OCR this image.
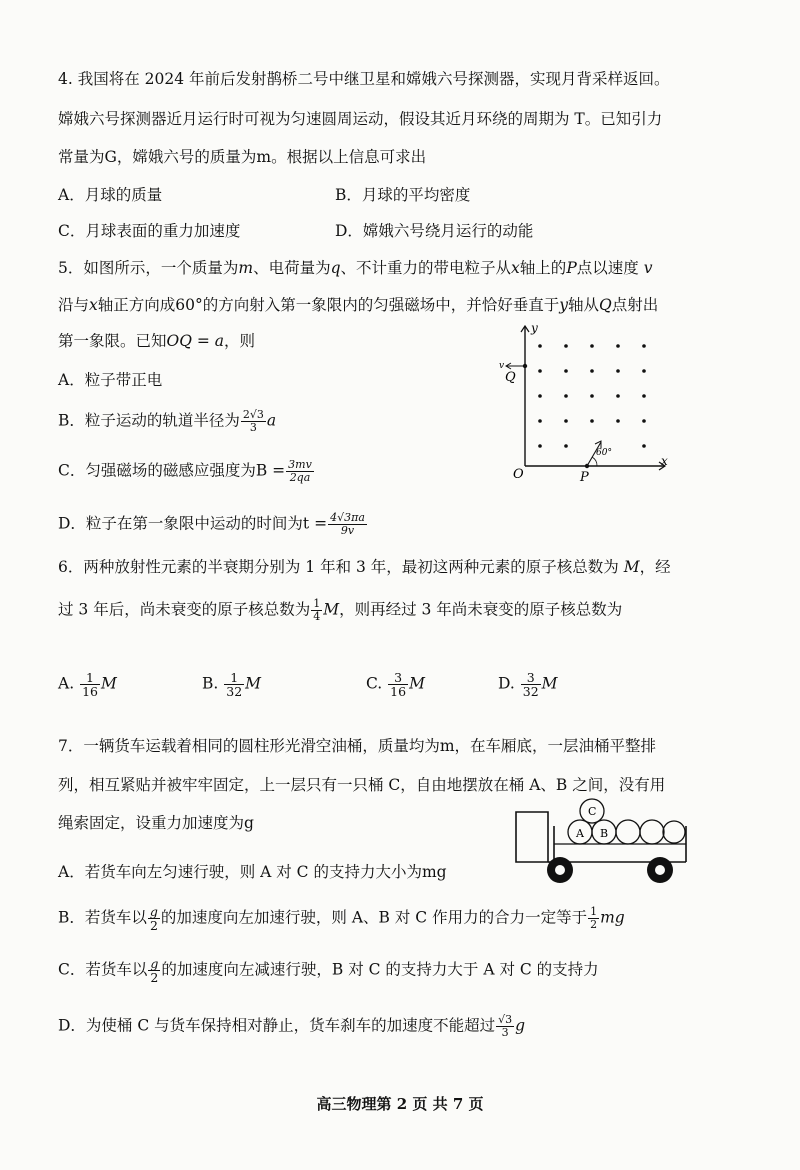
4. 我国将在 2024 年前后发射鹊桥二号中继卫星和嫦娥六号探测器，实现月背采样返回。
嫦娥六号探测器近月运行时可视为匀速圆周运动，假设其近月环绕的周期为 T。已知引力
常量为G，嫦娥六号的质量为m。根据以上信息可求出
A．月球的质量	B．月球的平均密度
C．月球表面的重力加速度	D．嫦娥六号绕月运行的动能
5．如图所示，一个质量为m、电荷量为q、不计重力的带电粒子从x轴上的P点以速度 v
沿与x轴正方向成60°的方向射入第一象限内的匀强磁场中，并恰好垂直于y轴从Q点射出
第一象限。已知OQ = a，则
A．粒子带正电
B．粒子运动的轨道半径为 $\frac{2√3}{3}$ a
C．匀强磁场的磁感应强度为$B = \frac{3mv}{2qa}$
D．粒子在第一象限中运动的时间为$t = \frac{4√3\pi a}{9v}$
y
x
O
Q
P
v
60°
6．两种放射性元素的半衰期分别为 1 年和 3 年，最初这两种元素的原子核总数为 M，经
过 3 年后，尚未衰变的原子核总数为 $\frac{1}{4}$ M，则再经过 3 年尚未衰变的原子核总数为
A. $\frac{1}{16}$ M	B. $\frac{1}{32}$ M	C. $\frac{3}{16}$ M	D. $\frac{3}{32}$ M
7．一辆货车运载着相同的圆柱形光滑空油桶，质量均为m，在车厢底，一层油桶平整排
列，相互紧贴并被牢牢固定，上一层只有一只桶 C，自由地摆放在桶 A、B 之间，没有用
绳索固定，设重力加速度为g
A．若货车向左匀速行驶，则 A 对 C 的支持力大小为mg
B．若货车以 $\frac{g}{2}$ 的加速度向左加速行驶，则 A、B 对 C 作用力的合力一定等于 $\frac{1}{2}$ mg
C．若货车以 $\frac{g}{2}$ 的加速度向左减速行驶，B 对 C 的支持力大于 A 对 C 的支持力
D．为使桶 C 与货车保持相对静止，货车刹车的加速度不能超过 $\frac{√3}{3}$ g
A B
C
高三物理第 2 页 共 7 页
